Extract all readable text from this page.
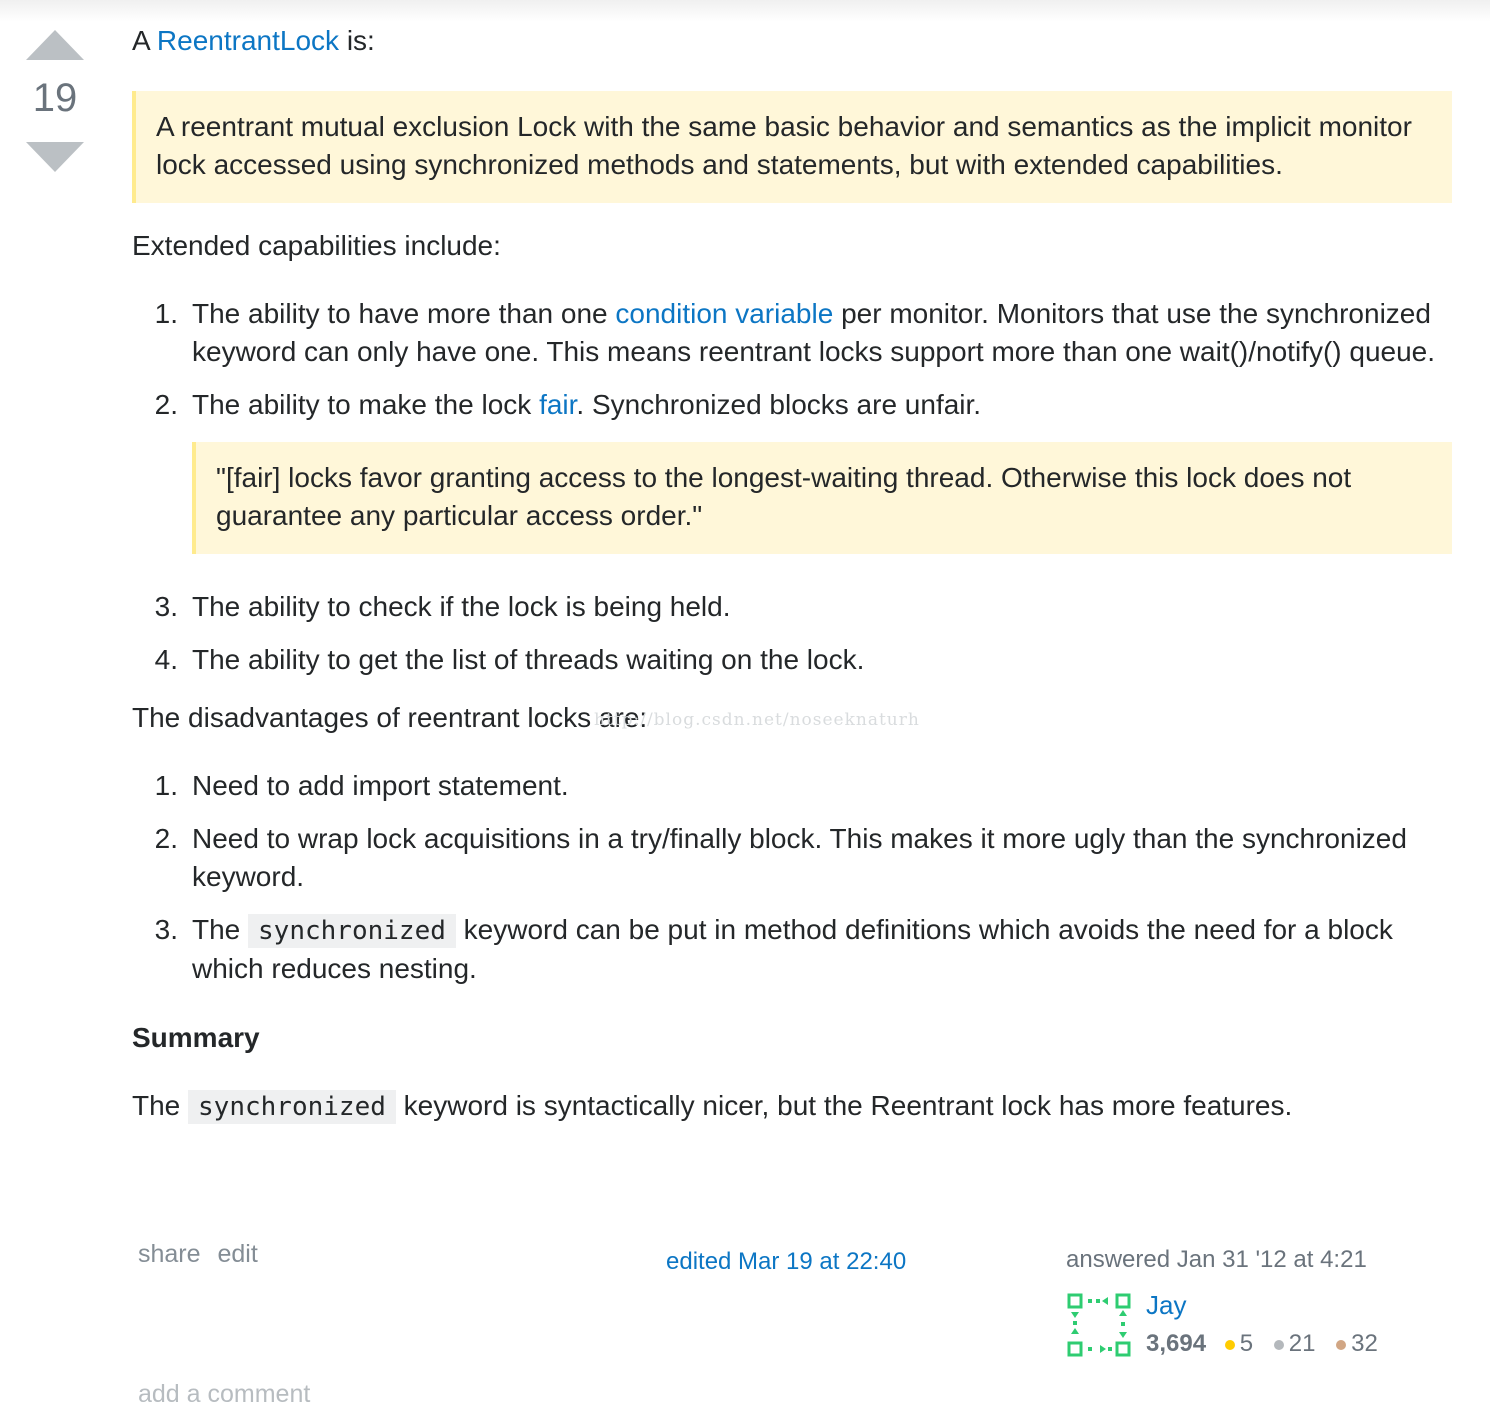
19

A ReentrantLock is:

A reentrant mutual exclusion Lock with the same basic behavior and semantics as the implicit monitor lock accessed using synchronized methods and statements, but with extended capabilities.

Extended capabilities include:

1. The ability to have more than one condition variable per monitor. Monitors that use the synchronized keyword can only have one. This means reentrant locks support more than one wait()/notify() queue.
2. The ability to make the lock fair. Synchronized blocks are unfair.
"[fair] locks favor granting access to the longest-waiting thread. Otherwise this lock does not guarantee any particular access order."
3. The ability to check if the lock is being held.
4. The ability to get the list of threads waiting on the lock.

The disadvantages of reentrant locks are:

1. Need to add import statement.
2. Need to wrap lock acquisitions in a try/finally block. This makes it more ugly than the synchronized keyword.
3. The synchronized keyword can be put in method definitions which avoids the need for a block which reduces nesting.

Summary

The synchronized keyword is syntactically nicer, but the Reentrant lock has more features.

http://blog.csdn.net/noseeknaturh
share edit	edited Mar 19 at 22:40	answered Jan 31 '12 at 4:21
Jay
3,694 5 21 32
add a comment
